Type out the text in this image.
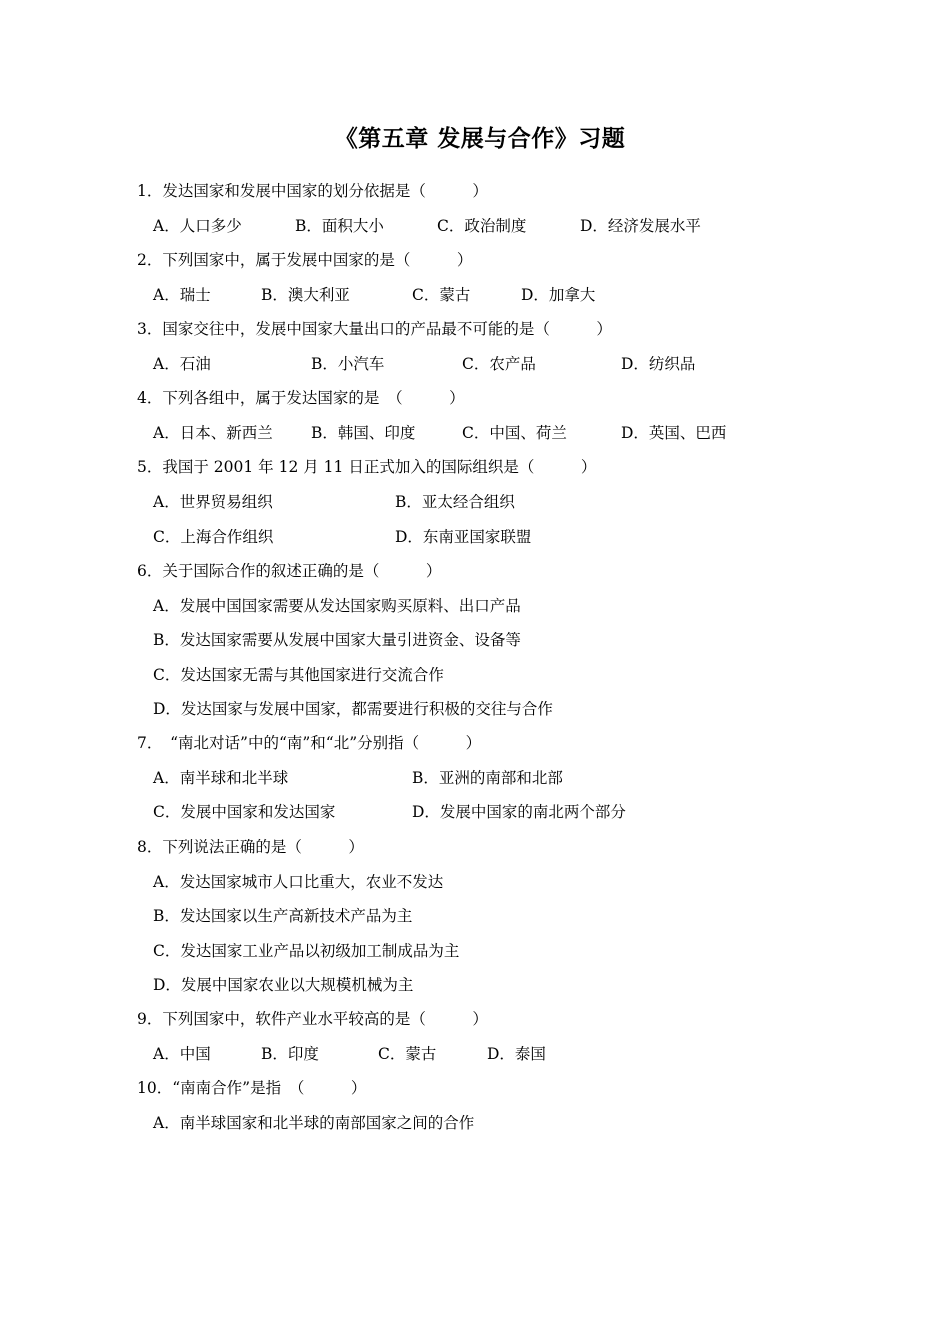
《第五章 发展与合作》习题
1．发达国家和发展中国家的划分依据是（　　　）
A．人口多少	B．面积大小	C．政治制度	D．经济发展水平
2．下列国家中，属于发展中国家的是（　　　）
A．瑞士	B．澳大利亚	C．蒙古	D．加拿大
3．国家交往中，发展中国家大量出口的产品最不可能的是（　　　）
A．石油	B．小汽车	C．农产品	D．纺织品
4．下列各组中，属于发达国家的是　（　　　）
A．日本、新西兰 B．韩国、印度	C．中国、荷兰	D．英国、巴西
5．我国于 2001 年 12 月 11 日正式加入的国际组织是（　　　）
A．世界贸易组织	B．亚太经合组织
C．上海合作组织	D．东南亚国家联盟
6．关于国际合作的叙述正确的是（　　　）
A．发展中国国家需要从发达国家购买原料、出口产品
B．发达国家需要从发展中国家大量引进资金、设备等
C．发达国家无需与其他国家进行交流合作
D．发达国家与发展中国家，都需要进行积极的交往与合作
7．　“南北对话”中的“南”和“北”分别指（　　　）
A．南半球和北半球	B．亚洲的南部和北部
C．发展中国家和发达国家	D．发展中国家的南北两个部分
8．下列说法正确的是（　　　）
A．发达国家城市人口比重大，农业不发达
B．发达国家以生产高新技术产品为主
C．发达国家工业产品以初级加工制成品为主
D．发展中国家农业以大规模机械为主
9．下列国家中，软件产业水平较高的是（　　　）
A．中国	B．印度	C．蒙古	D．泰国
10．“南南合作”是指　（　　　）
A．南半球国家和北半球的南部国家之间的合作
